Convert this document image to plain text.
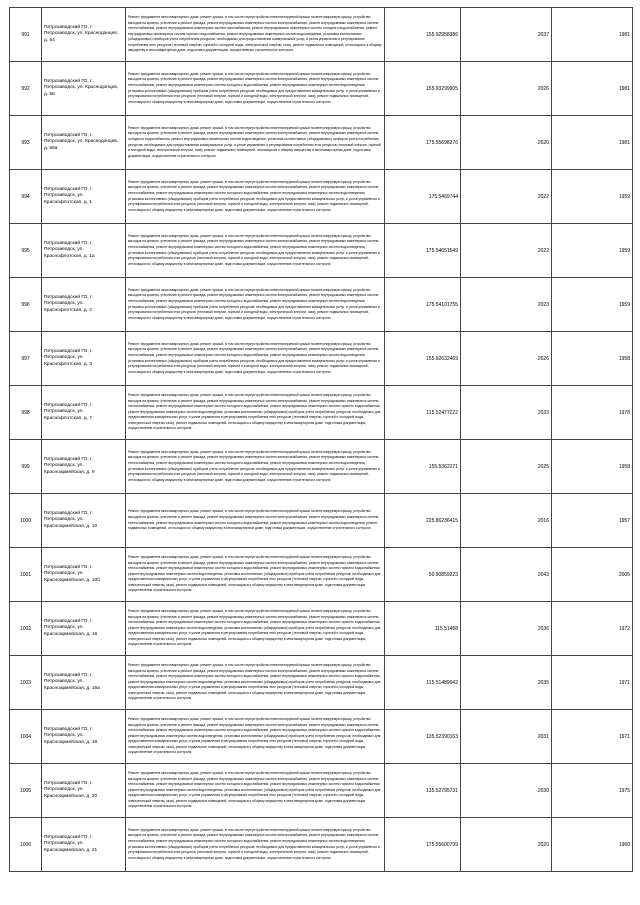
991	Петрозаводский ГО, г. Петрозаводск, ул. Краснодонцев, д. 54	Ремонт фундамента многоквартирного дома, ремонт крыши, в том числе переустройство невентилируемой крыши на вентилируемую крышу, устройство выходов на кровлю, утепление и ремонт фасада, ремонт внутридомовых инженерных систем электроснабжения, ремонт внутридомовых инженерных систем теплоснабжения, ремонт внутридомовых инженерных систем газоснабжения, ремонт внутридомовых инженерных систем холодного водоснабжения, ремонт внутридомовых инженерных систем горячего водоснабжения, ремонт внутридомовых инженерных систем водоотведения, установка коллективных (общедомовых) приборов учета потребления ресурсов, необходимых для предоставления коммунальных услуг, и узлов управления и регулирования потребления этих ресурсов (тепловой энергии, горячей и холодной воды, электрической энергии, газа), ремонт подвальных помещений, относящихся к общему имуществу в многоквартирном доме, подготовка документации, осуществление строительного контроля	155.92958386	2037	1981
992	Петрозаводский ГО, г. Петрозаводск, ул. Краснодонцев, д. 56	Ремонт фундамента многоквартирного дома, ремонт крыши, в том числе переустройство невентилируемой крыши на вентилируемую крышу, устройство выходов на кровлю, утепление и ремонт фасада, ремонт внутридомовых инженерных систем электроснабжения, ремонт внутридомовых инженерных систем теплоснабжения, ремонт внутридомовых инженерных систем холодного водоснабжения, ремонт внутридомовых инженерных систем водоотведения, установка коллективных (общедомовых) приборов учета потребления ресурсов, необходимых для предоставления коммунальных услуг, и узлов управления и регулирования потребления этих ресурсов (тепловой энергии, горячей и холодной воды, электрической энергии, газа), ремонт подвальных помещений, относящихся к общему имуществу в многоквартирном доме, подготовка документации, осуществление строительного контроля	155.93299905	2026	1981
993	Петрозаводский ГО, г. Петрозаводск, ул. Краснодонцев, д. 56а	Ремонт фундамента многоквартирного дома, ремонт крыши, в том числе переустройство невентилируемой крыши на вентилируемую крышу, устройство выходов на кровлю, утепление и ремонт фасада, ремонт внутридомовых инженерных систем электроснабжения, ремонт внутридомовых инженерных систем холодного водоснабжения, ремонт внутридомовых инженерных систем водоотведения, установка коллективных (общедомовых) приборов учета потребления ресурсов, необходимых для предоставления коммунальных услуг, и узлов управления и регулирования потребления этих ресурсов (тепловой энергии, горячей и холодной воды, электрической энергии, газа), ремонт подвальных помещений, относящихся к общему имуществу в многоквартирном доме, подготовка документации, осуществление строительного контроля	175.55698276	2020	1981
994	Петрозаводский ГО, г. Петрозаводск, ул. Краснофлотская, д. 1	Ремонт фундамента многоквартирного дома, ремонт крыши, в том числе переустройство невентилируемой крыши на вентилируемую крышу, устройство выходов на кровлю, утепление и ремонт фасада, ремонт внутридомовых инженерных систем электроснабжения, ремонт внутридомовых инженерных систем теплоснабжения, ремонт внутридомовых инженерных систем холодного водоснабжения, ремонт внутридомовых инженерных систем водоотведения, установка коллективных (общедомовых) приборов учета потребления ресурсов, необходимых для предоставления коммунальных услуг, и узлов управления и регулирования потребления этих ресурсов (тепловой энергии, горячей и холодной воды, электрической энергии, газа), ремонт подвальных помещений, относящихся к общему имуществу в многоквартирном доме, подготовка документации, осуществление строительного контроля	175.5469744	2022	1959
995	Петрозаводский ГО, г. Петрозаводск, ул. Краснофлотская, д. 1а	Ремонт фундамента многоквартирного дома, ремонт крыши, в том числе переустройство невентилируемой крыши на вентилируемую крышу, устройство выходов на кровлю, утепление и ремонт фасада, ремонт внутридомовых инженерных систем электроснабжения, ремонт внутридомовых инженерных систем теплоснабжения, ремонт внутридомовых инженерных систем холодного водоснабжения, ремонт внутридомовых инженерных систем водоотведения, установка коллективных (общедомовых) приборов учета потребления ресурсов, необходимых для предоставления коммунальных услуг, и узлов управления и регулирования потребления этих ресурсов (тепловой энергии, горячей и холодной воды, электрической энергии, газа), ремонт подвальных помещений, относящихся к общему имуществу в многоквартирном доме, подготовка документации, осуществление строительного контроля	175.54651549	2022	1959
996	Петрозаводский ГО, г. Петрозаводск, ул. Краснофлотская, д. 2	Ремонт фундамента многоквартирного дома, ремонт крыши, в том числе переустройство невентилируемой крыши на вентилируемую крышу, устройство выходов на кровлю, утепление и ремонт фасада, ремонт внутридомовых инженерных систем электроснабжения, ремонт внутридомовых инженерных систем теплоснабжения, ремонт внутридомовых инженерных систем холодного водоснабжения, ремонт внутридомовых инженерных систем водоотведения, установка коллективных (общедомовых) приборов учета потребления ресурсов, необходимых для предоставления коммунальных услуг, и узлов управления и регулирования потребления этих ресурсов (тепловой энергии, горячей и холодной воды, электрической энергии, газа), ремонт подвальных помещений, относящихся к общему имуществу в многоквартирном доме, подготовка документации, осуществление строительного контроля	175.54101755	2023	1959
997	Петрозаводский ГО, г. Петрозаводск, ул. Краснофлотская, д. 3	Ремонт фундамента многоквартирного дома, ремонт крыши, в том числе переустройство невентилируемой крыши на вентилируемую крышу, устройство выходов на кровлю, утепление и ремонт фасада, ремонт внутридомовых инженерных систем электроснабжения, ремонт внутридомовых инженерных систем теплоснабжения, ремонт внутридомовых инженерных систем холодного водоснабжения, ремонт внутридомовых инженерных систем водоотведения, установка коллективных (общедомовых) приборов учета потребления ресурсов, необходимых для предоставления коммунальных услуг, и узлов управления и регулирования потребления этих ресурсов (тепловой энергии, горячей и холодной воды, электрической энергии, газа), ремонт подвальных помещений, относящихся к общему имуществу в многоквартирном доме, подготовка документации, осуществление строительного контроля	155.92632469	2026	1958
998	Петрозаводский ГО, г. Петрозаводск, ул. Краснофлотская, д. 7	Ремонт фундамента многоквартирного дома, ремонт крыши, в том числе переустройство невентилируемой крыши на вентилируемую крышу, устройство выходов на кровлю, утепление и ремонт фасада, ремонт внутридомовых инженерных систем электроснабжения, ремонт внутридомовых инженерных систем теплоснабжения, ремонт внутридомовых инженерных систем холодного водоснабжения, ремонт внутридомовых инженерных систем горячего водоснабжения, ремонт внутридомовых инженерных систем водоотведения, установка коллективных (общедомовых) приборов учета потребления ресурсов, необходимых для предоставления коммунальных услуг, и узлов управления и регулирования потребления этих ресурсов (тепловой энергии, горячей и холодной воды, электрической энергии, газа), ремонт подвальных помещений, относящихся к общему имуществу в многоквартирном доме, подготовка документации, осуществление строительного контроля	115.52477222	2033	1978
999	Петрозаводский ГО, г. Петрозаводск, ул. Красноармейская, д. 9	Ремонт фундамента многоквартирного дома, ремонт крыши, в том числе переустройство невентилируемой крыши на вентилируемую крышу, устройство выходов на кровлю, утепление и ремонт фасада, ремонт внутридомовых инженерных систем электроснабжения, ремонт внутридомовых инженерных систем теплоснабжения, ремонт внутридомовых инженерных систем холодного водоснабжения, ремонт внутридомовых инженерных систем водоотведения, установка коллективных (общедомовых) приборов учета потребления ресурсов, необходимых для предоставления коммунальных услуг, и узлов управления и регулирования потребления этих ресурсов (тепловой энергии, горячей и холодной воды, электрической энергии, газа), ремонт подвальных помещений, относящихся к общему имуществу в многоквартирном доме, подготовка документации, осуществление строительного контроля	155.5362271	2025	1958
1000	Петрозаводский ГО, г. Петрозаводск, ул. Красноармейская, д. 10	Ремонт фундамента многоквартирного дома, ремонт крыши, в том числе переустройство невентилируемой крыши на вентилируемую крышу, устройство выходов на кровлю, утепление и ремонт фасада, ремонт внутридомовых инженерных систем электроснабжения, ремонт внутридомовых инженерных систем теплоснабжения, ремонт внутридомовых инженерных систем холодного водоснабжения, ремонт внутридомовых инженерных систем водоотведения, ремонт подвальных помещений, относящихся к общему имуществу в многоквартирном доме, подготовка документации, осуществление строительного контроля	225.86236415	2016	1957
1001	Петрозаводский ГО, г. Петрозаводск, ул. Красноармейская, д. 10б	Ремонт фундамента многоквартирного дома, ремонт крыши, в том числе переустройство невентилируемой крыши на вентилируемую крышу, устройство выходов на кровлю, утепление и ремонт фасада, ремонт внутридомовых инженерных систем электроснабжения, ремонт внутридомовых инженерных систем теплоснабжения, ремонт внутридомовых инженерных систем холодного водоснабжения, ремонт внутридомовых инженерных систем горячего водоснабжения, ремонт внутридомовых инженерных систем водоотведения, установка коллективных (общедомовых) приборов учета потребления ресурсов, необходимых для предоставления коммунальных услуг, и узлов управления и регулирования потребления этих ресурсов (тепловой энергии, горячей и холодной воды, электрической энергии, газа), ремонт подвальных помещений, относящихся к общему имуществу в многоквартирном доме, подготовка документации, осуществление строительного контроля	50.90859223	2043	2005
1002	Петрозаводский ГО, г. Петрозаводск, ул. Красноармейская, д. 16	Ремонт фундамента многоквартирного дома, ремонт крыши, в том числе переустройство невентилируемой крыши на вентилируемую крышу, устройство выходов на кровлю, утепление и ремонт фасада, ремонт внутридомовых инженерных систем электроснабжения, ремонт внутридомовых инженерных систем теплоснабжения, ремонт внутридомовых инженерных систем холодного водоснабжения, ремонт внутридомовых инженерных систем горячего водоснабжения, ремонт внутридомовых инженерных систем водоотведения, установка коллективных (общедомовых) приборов учета потребления ресурсов, необходимых для предоставления коммунальных услуг, и узлов управления и регулирования потребления этих ресурсов (тепловой энергии, горячей и холодной воды, электрической энергии, газа), ремонт подвальных помещений, относящихся к общему имуществу в многоквартирном доме, подготовка документации, осуществление строительного контроля	115.51488	2036	1972
1003	Петрозаводский ГО, г. Петрозаводск, ул. Красноармейская, д. 16а	Ремонт фундамента многоквартирного дома, ремонт крыши, в том числе переустройство невентилируемой крыши на вентилируемую крышу, устройство выходов на кровлю, утепление и ремонт фасада, ремонт внутридомовых инженерных систем электроснабжения, ремонт внутридомовых инженерных систем теплоснабжения, ремонт внутридомовых инженерных систем холодного водоснабжения, ремонт внутридомовых инженерных систем горячего водоснабжения, ремонт внутридомовых инженерных систем водоотведения, установка коллективных (общедомовых) приборов учета потребления ресурсов, необходимых для предоставления коммунальных услуг, и узлов управления и регулирования потребления этих ресурсов (тепловой энергии, горячей и холодной воды, электрической энергии, газа), ремонт подвальных помещений, относящихся к общему имуществу в многоквартирном доме, подготовка документации, осуществление строительного контроля	115.51489942	2035	1971
1004	Петрозаводский ГО, г. Петрозаводск, ул. Красноармейская, д. 18	Ремонт фундамента многоквартирного дома, ремонт крыши, в том числе переустройство невентилируемой крыши на вентилируемую крышу, устройство выходов на кровлю, утепление и ремонт фасада, ремонт внутридомовых инженерных систем электроснабжения, ремонт внутридомовых инженерных систем теплоснабжения, ремонт внутридомовых инженерных систем холодного водоснабжения, ремонт внутридомовых инженерных систем горячего водоснабжения, ремонт внутридомовых инженерных систем водоотведения, установка коллективных (общедомовых) приборов учета потребления ресурсов, необходимых для предоставления коммунальных услуг, и узлов управления и регулирования потребления этих ресурсов (тепловой энергии, горячей и холодной воды, электрической энергии, газа), ремонт подвальных помещений, относящихся к общему имуществу в многоквартирном доме, подготовка документации, осуществление строительного контроля	135.52390163	2031	1971
1005	Петрозаводский ГО, г. Петрозаводск, ул. Красноармейская, д. 20	Ремонт фундамента многоквартирного дома, ремонт крыши, в том числе переустройство невентилируемой крыши на вентилируемую крышу, устройство выходов на кровлю, утепление и ремонт фасада, ремонт внутридомовых инженерных систем электроснабжения, ремонт внутридомовых инженерных систем теплоснабжения, ремонт внутридомовых инженерных систем холодного водоснабжения, ремонт внутридомовых инженерных систем горячего водоснабжения, ремонт внутридомовых инженерных систем водоотведения, установка коллективных (общедомовых) приборов учета потребления ресурсов, необходимых для предоставления коммунальных услуг, и узлов управления и регулирования потребления этих ресурсов (тепловой энергии, горячей и холодной воды, электрической энергии, газа), ремонт подвальных помещений, относящихся к общему имуществу в многоквартирном доме, подготовка документации, осуществление строительного контроля	135.52795731	2030	1975
1006	Петрозаводский ГО, г. Петрозаводск, ул. Красноармейская, д. 21	Ремонт фундамента многоквартирного дома, ремонт крыши, в том числе переустройство невентилируемой крыши на вентилируемую крышу, устройство выходов на кровлю, утепление и ремонт фасада, ремонт внутридомовых инженерных систем электроснабжения, ремонт внутридомовых инженерных систем теплоснабжения, ремонт внутридомовых инженерных систем холодного водоснабжения, ремонт внутридомовых инженерных систем водоотведения, установка коллективных (общедомовых) приборов учета потребления ресурсов, необходимых для предоставления коммунальных услуг, и узлов управления и регулирования потребления этих ресурсов (тепловой энергии, горячей и холодной воды, электрической энергии, газа), ремонт подвальных помещений, относящихся к общему имуществу в многоквартирном доме, подготовка документации, осуществление строительного контроля	175.55600799	2020	1960
